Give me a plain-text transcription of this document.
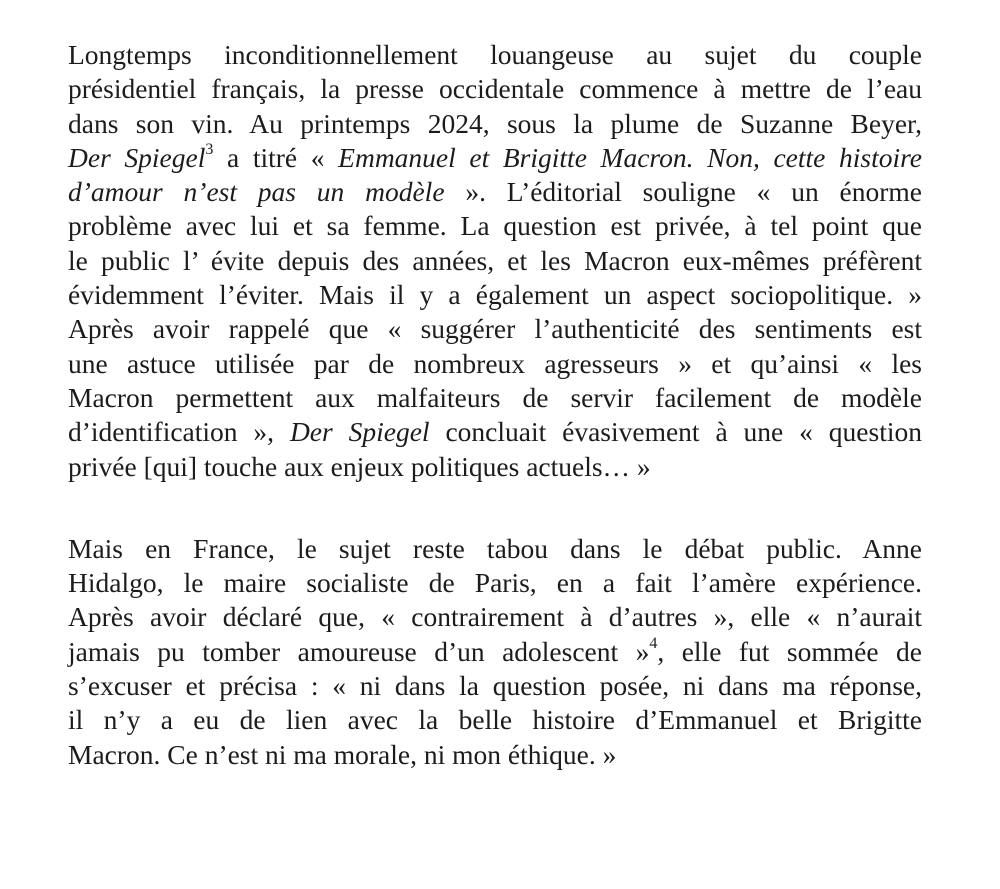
Longtemps inconditionnellement louangeuse au sujet du couple
présidentiel français, la presse occidentale commence à mettre de l’eau
dans son vin. Au printemps 2024, sous la plume de Suzanne Beyer,
Der Spiegel$^3$ a titré « Emmanuel et Brigitte Macron. Non, cette histoire
d’amour n’est pas un modèle ». L’éditorial souligne « un énorme
problème avec lui et sa femme. La question est privée, à tel point que
le public l’ évite depuis des années, et les Macron eux-mêmes préfèrent
évidemment l’éviter. Mais il y a également un aspect sociopolitique. »
Après avoir rappelé que « suggérer l’authenticité des sentiments est
une astuce utilisée par de nombreux agresseurs » et qu’ainsi « les
Macron permettent aux malfaiteurs de servir facilement de modèle
d’identification », Der Spiegel concluait évasivement à une « question
privée [qui] touche aux enjeux politiques actuels… »

Mais en France, le sujet reste tabou dans le débat public. Anne
Hidalgo, le maire socialiste de Paris, en a fait l’amère expérience.
Après avoir déclaré que, « contrairement à d’autres », elle « n’aurait
jamais pu tomber amoureuse d’un adolescent »$^4$, elle fut sommée de
s’excuser et précisa : « ni dans la question posée, ni dans ma réponse,
il n’y a eu de lien avec la belle histoire d’Emmanuel et Brigitte
Macron. Ce n’est ni ma morale, ni mon éthique. »
